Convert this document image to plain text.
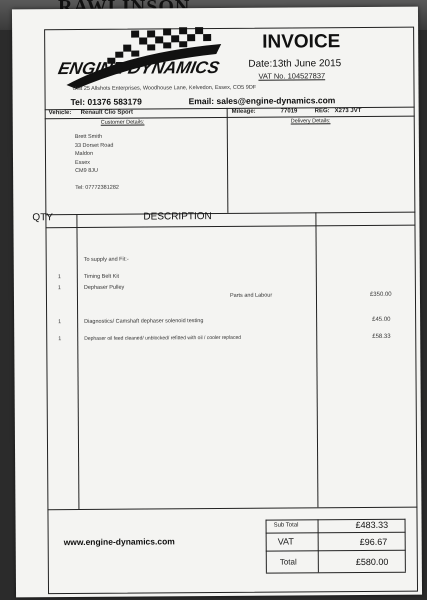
ENGINE DYNAMICS
INVOICE
Date:13th June 2015
VAT No. 104527837
Unit 25 Allshots Enterprises, Woodhouse Lane, Kelvedon, Essex, CO5 9DF
Tel: 01376 583179	Email: sales@engine-dynamics.com
Vehicle: Renault Clio Sport	Mileage:	77019	REG: X273 JVT
Customer Details:	Delivery Details:
Brett Smith
33 Dorset Road
Maldon
Essex
CM9 8JU
Tel: 07772381282
QTY	DESCRIPTION
To supply and Fit:-
1	Timing Belt Kit
1	Dephaser Pulley
Parts and Labour	£350.00
1	Diagnostics/ Camshaft dephaser solenoid testing	£45.00
1	Dephaser oil feed cleaned/ unblocked/ refitted with oil / cooler replaced	£58.33
www.engine-dynamics.com
Sub Total	£483.33
VAT	£96.67
Total	£580.00
